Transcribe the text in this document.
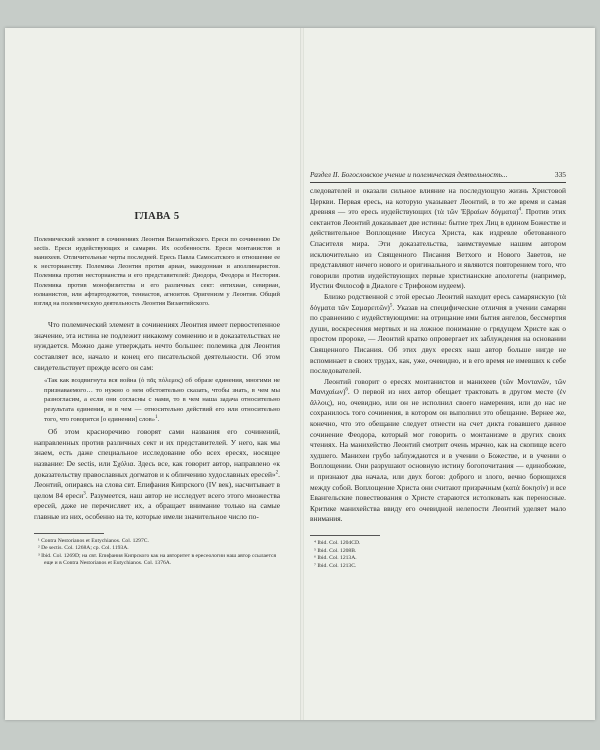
Раздел II. Богословское учение и полемическая деятельность...	335
ГЛАВА 5

Полемический элемент в сочинениях Леонтия Византийского. Ереси по сочинению De sectis. Ереси иудействующих и самарян. Их особенности. Ереси монтанистов и манихеев. Отличительные черты последней. Ересь Павла Самосатского и отношение ее к несторианству. Полемика Леонтия против ариан, македониан и аполлинаристов. Полемика против несторианства и его представителей: Диодора, Феодора и Нестория. Полемика против монофизитства и его различных сект: евтихиан, севириан, юлианистов, или афтартодокетов, тениастов, агноитов. Оригенизм у Леонтия. Общий взгляд на полемическую деятельность Леонтия Византийского.

Что полемический элемент в сочинениях Леонтия имеет первостепенное значение, эта истина не подлежит никакому сомнению и в доказательствах не нуждается. Можно даже утверждать нечто большее: полемика для Леонтия составляет все, начало и конец его писательской деятельности. Об этом свидетельствует прежде всего он сам:

«Так как воздвигнута вся война (ὁ πᾶς πόλεμος) об образе единения, многими не признаваемого… то нужно о нем обстоятельно сказать, чтобы знать, в чем мы разногласим, а если они согласны с нами, то в чем наша задача относительно результата единения, и в чем — относительно действий его или относительно того, что говорится [о единении] слов»$^1$.

Об этом красноречиво говорят сами названия его сочинений, направленных против различных сект и их представителей. У него, как мы знаем, есть даже специальное исследование обо всех ересях, носящее название: De sectis, или Σχόλια. Здесь все, как говорит автор, направлено «к доказательству православных догматов и к обличению худославных ересей»$^2$. Леонтий, опираясь на слова свт. Епифания Кипрского (IV век), насчитывает в целом 84 ереси$^3$. Разумеется, наш автор не исследует всего этого множества ересей, даже не перечисляет их, а обращает внимание только на самые главные из них, особенно на те, которые имели значительное число по-

¹ Contra Nestorianos et Eutychianos. Col. 1297C.

² De sectis. Col. 1268A; cp. Col. 1193A.

³ Ibid. Col. 1269D; на свт. Епифания Кипрского как на авторитет в ересеологии наш автор ссылается еще и в Contra Nestorianos et Eutychianos. Col. 1376A.

следователей и оказали сильное влияние на последующую жизнь Христовой Церкви. Первая ересь, на которую указывает Леонтий, в то же время и самая древняя — это ересь иудействующих (τὰ τῶν Ἑβραίων δόγματα)$^4$. Против этих сектантов Леонтий доказывает две истины: бытие трех Лиц в едином Божестве и действительное Воплощение Иисуса Христа, как издревле обетованного Спасителя мира. Эти доказательства, заимствуемые нашим автором исключительно из Священного Писания Ветхого и Нового Заветов, не представляют ничего нового и оригинального и являются повторением того, что говорили против иудействующих первые христианские апологеты (например, Иустин Философ в Диалоге с Трифоном иудеем).

Близко родственной с этой ересью Леонтий находит ересь самарянскую (τὰ δόγματα τῶν Σαμαρειτῶν)$^5$. Указав на специфические отличия в учении самарян по сравнению с иудействующими: на отрицание ими бытия ангелов, бессмертия души, воскресения мертвых и на ложное понимание о грядущем Христе как о простом пророке, — Леонтий кратко опровергает их заблуждения на основании Священного Писания. Об этих двух ересях наш автор больше нигде не вспоминает в своих трудах, как, уже, очевидно, и в его время не имевших к себе последователей.

Леонтий говорит о ересях монтанистов и манихеев (τῶν Μοντανῶν, τῶν Μανιχαίων)$^6$. О первой из них автор обещает трактовать в другом месте (ἐν ἄλλοις), но, очевидно, или он не исполнил своего намерения, или до нас не сохранилось того сочинения, в котором он выполнил это обещание. Вернее же, конечно, что это обещание следует отнести на счет дикта говавшего данное сочинение Феодора, который мог говорить о монтанизме в других своих чтениях. На манихейство Леонтий смотрит очень мрачно, как на скопище всего худшего. Манихеи грубо заблуждаются и в учении о Божестве, и в учении о Воплощении. Они разрушают основную истину богопочитания — единобожие, и признают два начала, или двух богов: доброго и злого, вечно борющихся между собой. Воплощение Христа они считают призрачным (κατὰ δοκησίν) и все Евангельские повествования о Христе стараются истолковать как переносные. Критике манихейства ввиду его очевидной нелепости Леонтий уделяет мало внимания.

⁴ Ibid. Col. 1204CD.

⁵ Ibid. Col. 1208B.

⁶ Ibid. Col. 1213A.

⁷ Ibid. Col. 1213C.
